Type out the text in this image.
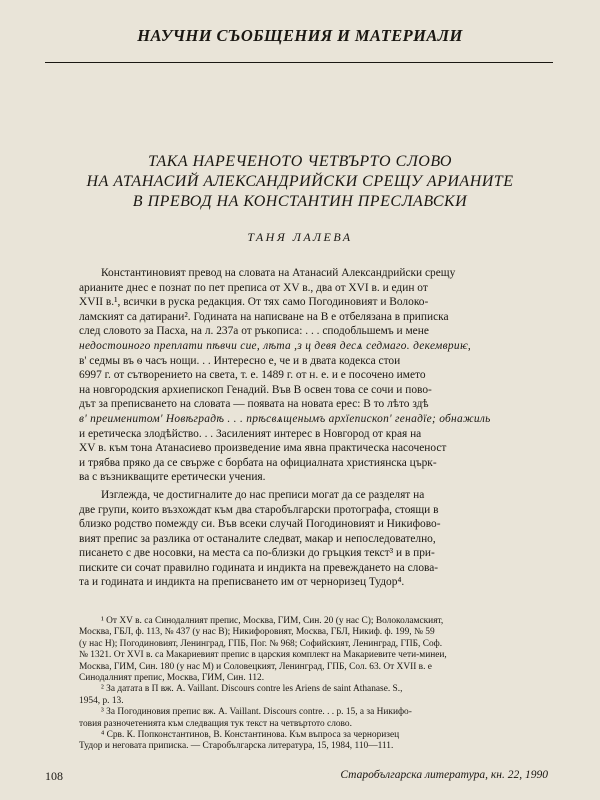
НАУЧНИ СЪОБЩЕНИЯ И МАТЕРИАЛИ
ТАКА НАРЕЧЕНОТО ЧЕТВЪРТО СЛОВО
НА АТАНАСИЙ АЛЕКСАНДРИЙСКИ СРЕЩУ АРИАНИТЕ
В ПРЕВОД НА КОНСТАНТИН ПРЕСЛАВСКИ
ТАНЯ ЛАЛЕВА
Константиновият превод на словата на Атанасий Александрийски срещу
арианите днес е познат по пет преписа от XV в., два от XVI в. и един от
XVII в.¹, всички в руска редакция. От тях само Погодиновият и Волоко-
ламският са датирани². Годината на написване на В е отбелязана в приписка
след словото за Пасха, на л. 237а от ръкописа: . . . сподобльшемъ и мене
недостоиного преплати пѣвчи сие, лѣта ,з ц девя десѧ седмаго. декемвриѥ,
в' седмы въ ѳ часъ нощи. . . Интересно е, че и в двата кодекса стои
6997 г. от сътворението на света, т. е. 1489 г. от н. е. и е посочено името
на новгородския архиепископ Генадий. Във В освен това се сочи и пово-
дът за преписването на словата — появата на новата ерес: В то лѣто здѣ
в' преименитом' Новѣградѣ . . . прѣсвѧщенымъ архїепископ' генадїе; обнажиль
и еретическа злодѣйство. . . Засиленият интерес в Новгород от края на
XV в. към тона Атанасиево произведение има явна практическа насоченост
и трябва пряко да се свърже с борбата на официалната християнска църк-
ва с възникващите еретически учения.
Изглежда, че достигналите до нас преписи могат да се разделят на
две групи, които възхождат към два старобългарски протографа, стоящи в
близко родство помежду си. Във всеки случай Погодиновият и Никифово-
вият препис за разлика от останалите следват, макар и непоследователно,
писането с две носовки, на места са по-близки до гръцкия текст³ и в при-
писките си сочат правилно годината и индикта на превеждането на слова-
та и годината и индикта на преписването им от черноризец Тудор⁴.
¹ От XV в. са Синодалният препис, Москва, ГИМ, Син. 20 (у нас С); Волоколамският,
Москва, ГБЛ, ф. 113, № 437 (у нас В); Никифоровият, Москва, ГБЛ, Никиф. ф. 199, № 59
(у нас Н); Погодиновият, Ленинград, ГПБ, Пог. № 968; Софийският, Ленинград, ГПБ, Соф.
№ 1321. От XVI в. са Макариевият препис в царския комплект на Макариевите чети-минеи,
Москва, ГИМ, Син. 180 (у нас М) и Соловецкият, Ленинград, ГПБ, Сол. 63. От XVII в. е
Синодалният препис, Москва, ГИМ, Син. 112.
² За датата в П вж. A. Vaillant. Discours contre les Ariens de saint Athanase. S.,
1954, p. 13.
³ За Погодиновия препис вж. A. Vaillant. Discours contre. . . p. 15, а за Никифо-
товия разночетенията към следващия тук текст на четвъртото слово.
⁴ Срв. К. Попконстантинов, В. Константинова. Към въпроса за черноризец
Тудор и неговата приписка. — Старобългарска литература, 15, 1984, 110—111.
108	Старобългарска литература, кн. 22, 1990
